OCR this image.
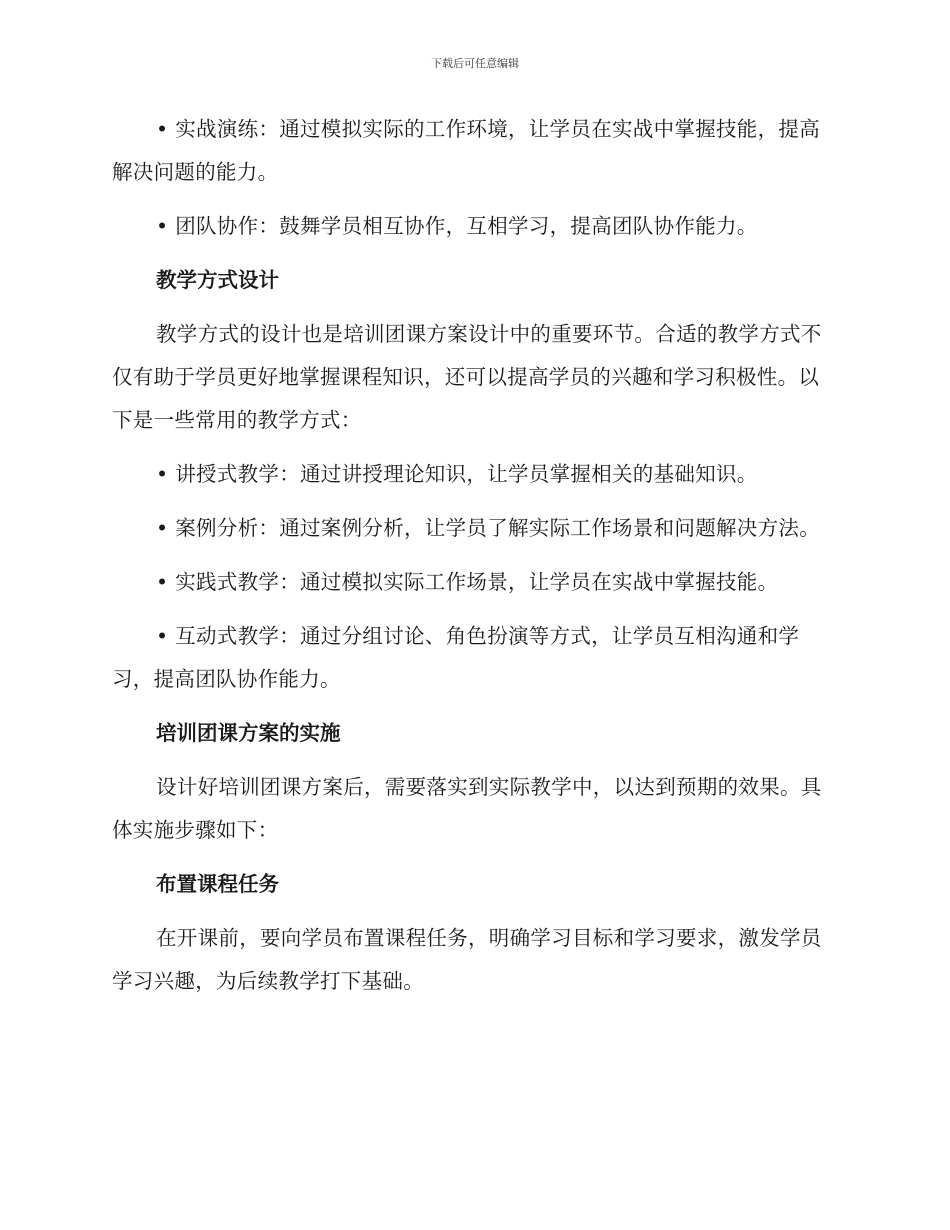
下载后可任意编辑

• 实战演练：通过模拟实际的工作环境，让学员在实战中掌握技能，提高解决问题的能力。

• 团队协作：鼓舞学员相互协作，互相学习，提高团队协作能力。

教学方式设计

教学方式的设计也是培训团课方案设计中的重要环节。合适的教学方式不仅有助于学员更好地掌握课程知识，还可以提高学员的兴趣和学习积极性。以下是一些常用的教学方式：

• 讲授式教学：通过讲授理论知识，让学员掌握相关的基础知识。

• 案例分析：通过案例分析，让学员了解实际工作场景和问题解决方法。

• 实践式教学：通过模拟实际工作场景，让学员在实战中掌握技能。

• 互动式教学：通过分组讨论、角色扮演等方式，让学员互相沟通和学习，提高团队协作能力。

培训团课方案的实施

设计好培训团课方案后，需要落实到实际教学中，以达到预期的效果。具体实施步骤如下：

布置课程任务

在开课前，要向学员布置课程任务，明确学习目标和学习要求，激发学员学习兴趣，为后续教学打下基础。
